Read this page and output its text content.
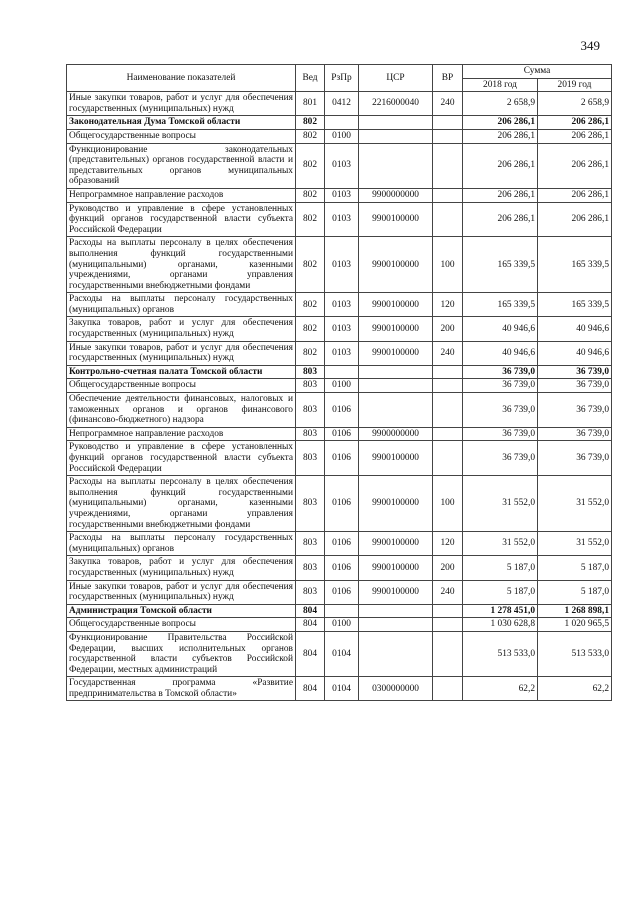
349
Наименование показателей	Вед	РзПр	ЦСР	ВР	Сумма	
					2018 год	2019 год
Иные закупки товаров, работ и услуг для обеспечения государственных (муниципальных) нужд	801	0412	2216000040	240	2 658,9	2 658,9
Законодательная Дума Томской области	802				206 286,1	206 286,1
Общегосударственные вопросы	802	0100			206 286,1	206 286,1
Функционирование законодательных (представительных) органов государственной власти и представительных органов муниципальных образований	802	0103			206 286,1	206 286,1
Непрограммное направление расходов	802	0103	9900000000		206 286,1	206 286,1
Руководство и управление в сфере установленных функций органов государственной власти субъекта Российской Федерации	802	0103	9900100000		206 286,1	206 286,1
Расходы на выплаты персоналу в целях обеспечения выполнения функций государственными (муниципальными) органами, казенными учреждениями, органами управления государственными внебюджетными фондами	802	0103	9900100000	100	165 339,5	165 339,5
Расходы на выплаты персоналу государственных (муниципальных) органов	802	0103	9900100000	120	165 339,5	165 339,5
Закупка товаров, работ и услуг для обеспечения государственных (муниципальных) нужд	802	0103	9900100000	200	40 946,6	40 946,6
Иные закупки товаров, работ и услуг для обеспечения государственных (муниципальных) нужд	802	0103	9900100000	240	40 946,6	40 946,6
Контрольно-счетная палата Томской области	803				36 739,0	36 739,0
Общегосударственные вопросы	803	0100			36 739,0	36 739,0
Обеспечение деятельности финансовых, налоговых и таможенных органов и органов финансового (финансово-бюджетного) надзора	803	0106			36 739,0	36 739,0
Непрограммное направление расходов	803	0106	9900000000		36 739,0	36 739,0
Руководство и управление в сфере установленных функций органов государственной власти субъекта Российской Федерации	803	0106	9900100000		36 739,0	36 739,0
Расходы на выплаты персоналу в целях обеспечения выполнения функций государственными (муниципальными) органами, казенными учреждениями, органами управления государственными внебюджетными фондами	803	0106	9900100000	100	31 552,0	31 552,0
Расходы на выплаты персоналу государственных (муниципальных) органов	803	0106	9900100000	120	31 552,0	31 552,0
Закупка товаров, работ и услуг для обеспечения государственных (муниципальных) нужд	803	0106	9900100000	200	5 187,0	5 187,0
Иные закупки товаров, работ и услуг для обеспечения государственных (муниципальных) нужд	803	0106	9900100000	240	5 187,0	5 187,0
Администрация Томской области	804				1 278 451,0	1 268 898,1
Общегосударственные вопросы	804	0100			1 030 628,8	1 020 965,5
Функционирование Правительства Российской Федерации, высших исполнительных органов государственной власти субъектов Российской Федерации, местных администраций	804	0104			513 533,0	513 533,0
Государственная программа «Развитие предпринимательства в Томской области»	804	0104	0300000000		62,2	62,2
